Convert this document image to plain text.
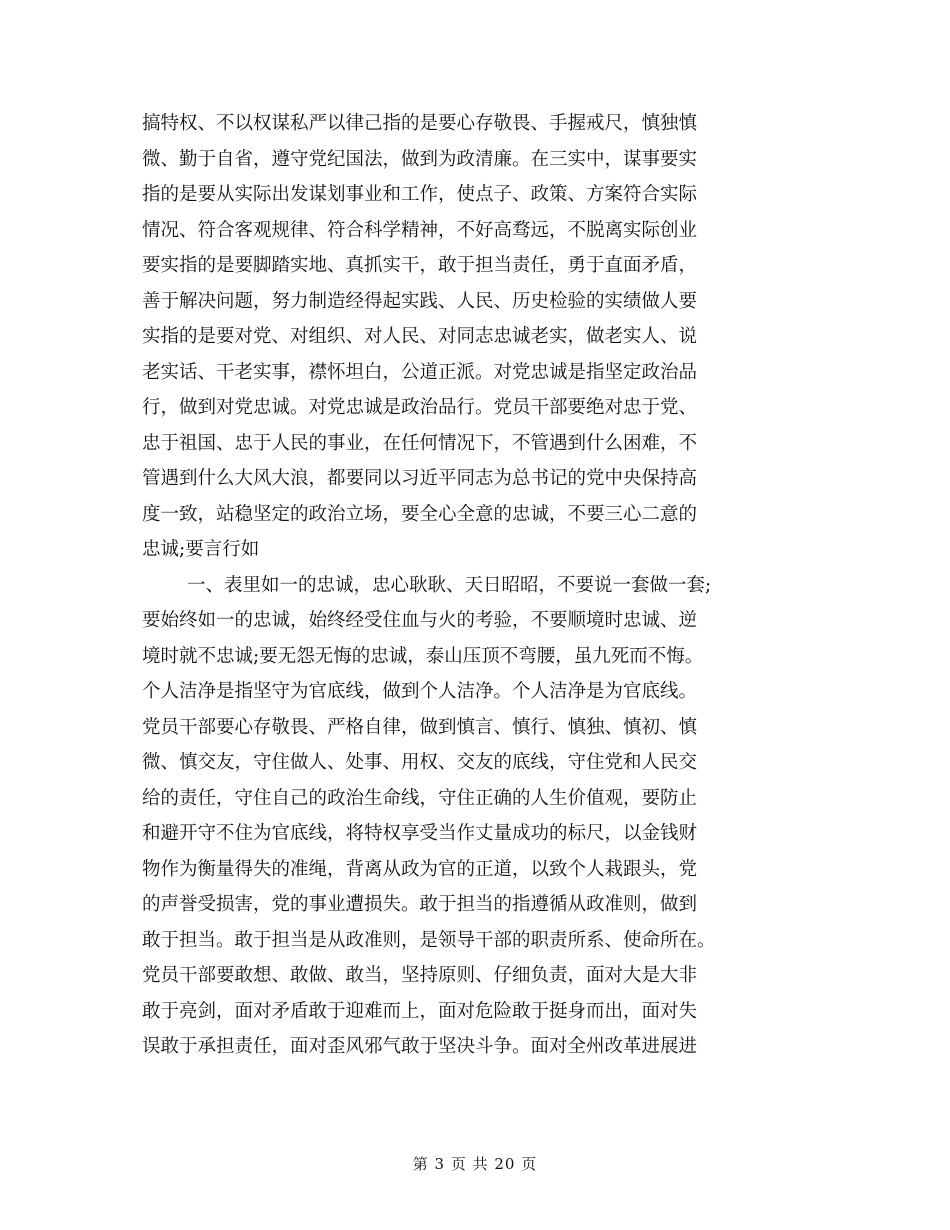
搞特权、不以权谋私严以律己指的是要心存敬畏、手握戒尺，慎独慎
微、勤于自省，遵守党纪国法，做到为政清廉。在三实中，谋事要实
指的是要从实际出发谋划事业和工作，使点子、政策、方案符合实际
情况、符合客观规律、符合科学精神，不好高骛远，不脱离实际创业
要实指的是要脚踏实地、真抓实干，敢于担当责任，勇于直面矛盾，
善于解决问题，努力制造经得起实践、人民、历史检验的实绩做人要
实指的是要对党、对组织、对人民、对同志忠诚老实，做老实人、说
老实话、干老实事，襟怀坦白，公道正派。对党忠诚是指坚定政治品
行，做到对党忠诚。对党忠诚是政治品行。党员干部要绝对忠于党、
忠于祖国、忠于人民的事业，在任何情况下，不管遇到什么困难，不
管遇到什么大风大浪，都要同以习近平同志为总书记的党中央保持高
度一致，站稳坚定的政治立场，要全心全意的忠诚，不要三心二意的
忠诚;要言行如
一、表里如一的忠诚，忠心耿耿、天日昭昭，不要说一套做一套;
要始终如一的忠诚，始终经受住血与火的考验，不要顺境时忠诚、逆
境时就不忠诚;要无怨无悔的忠诚，泰山压顶不弯腰，虽九死而不悔。
个人洁净是指坚守为官底线，做到个人洁净。个人洁净是为官底线。
党员干部要心存敬畏、严格自律，做到慎言、慎行、慎独、慎初、慎
微、慎交友，守住做人、处事、用权、交友的底线，守住党和人民交
给的责任，守住自己的政治生命线，守住正确的人生价值观，要防止
和避开守不住为官底线，将特权享受当作丈量成功的标尺，以金钱财
物作为衡量得失的准绳，背离从政为官的正道，以致个人栽跟头，党
的声誉受损害，党的事业遭损失。敢于担当的指遵循从政准则，做到
敢于担当。敢于担当是从政准则，是领导干部的职责所系、使命所在。
党员干部要敢想、敢做、敢当，坚持原则、仔细负责，面对大是大非
敢于亮剑，面对矛盾敢于迎难而上，面对危险敢于挺身而出，面对失
误敢于承担责任，面对歪风邪气敢于坚决斗争。面对全州改革进展进
第 3 页 共 20 页
